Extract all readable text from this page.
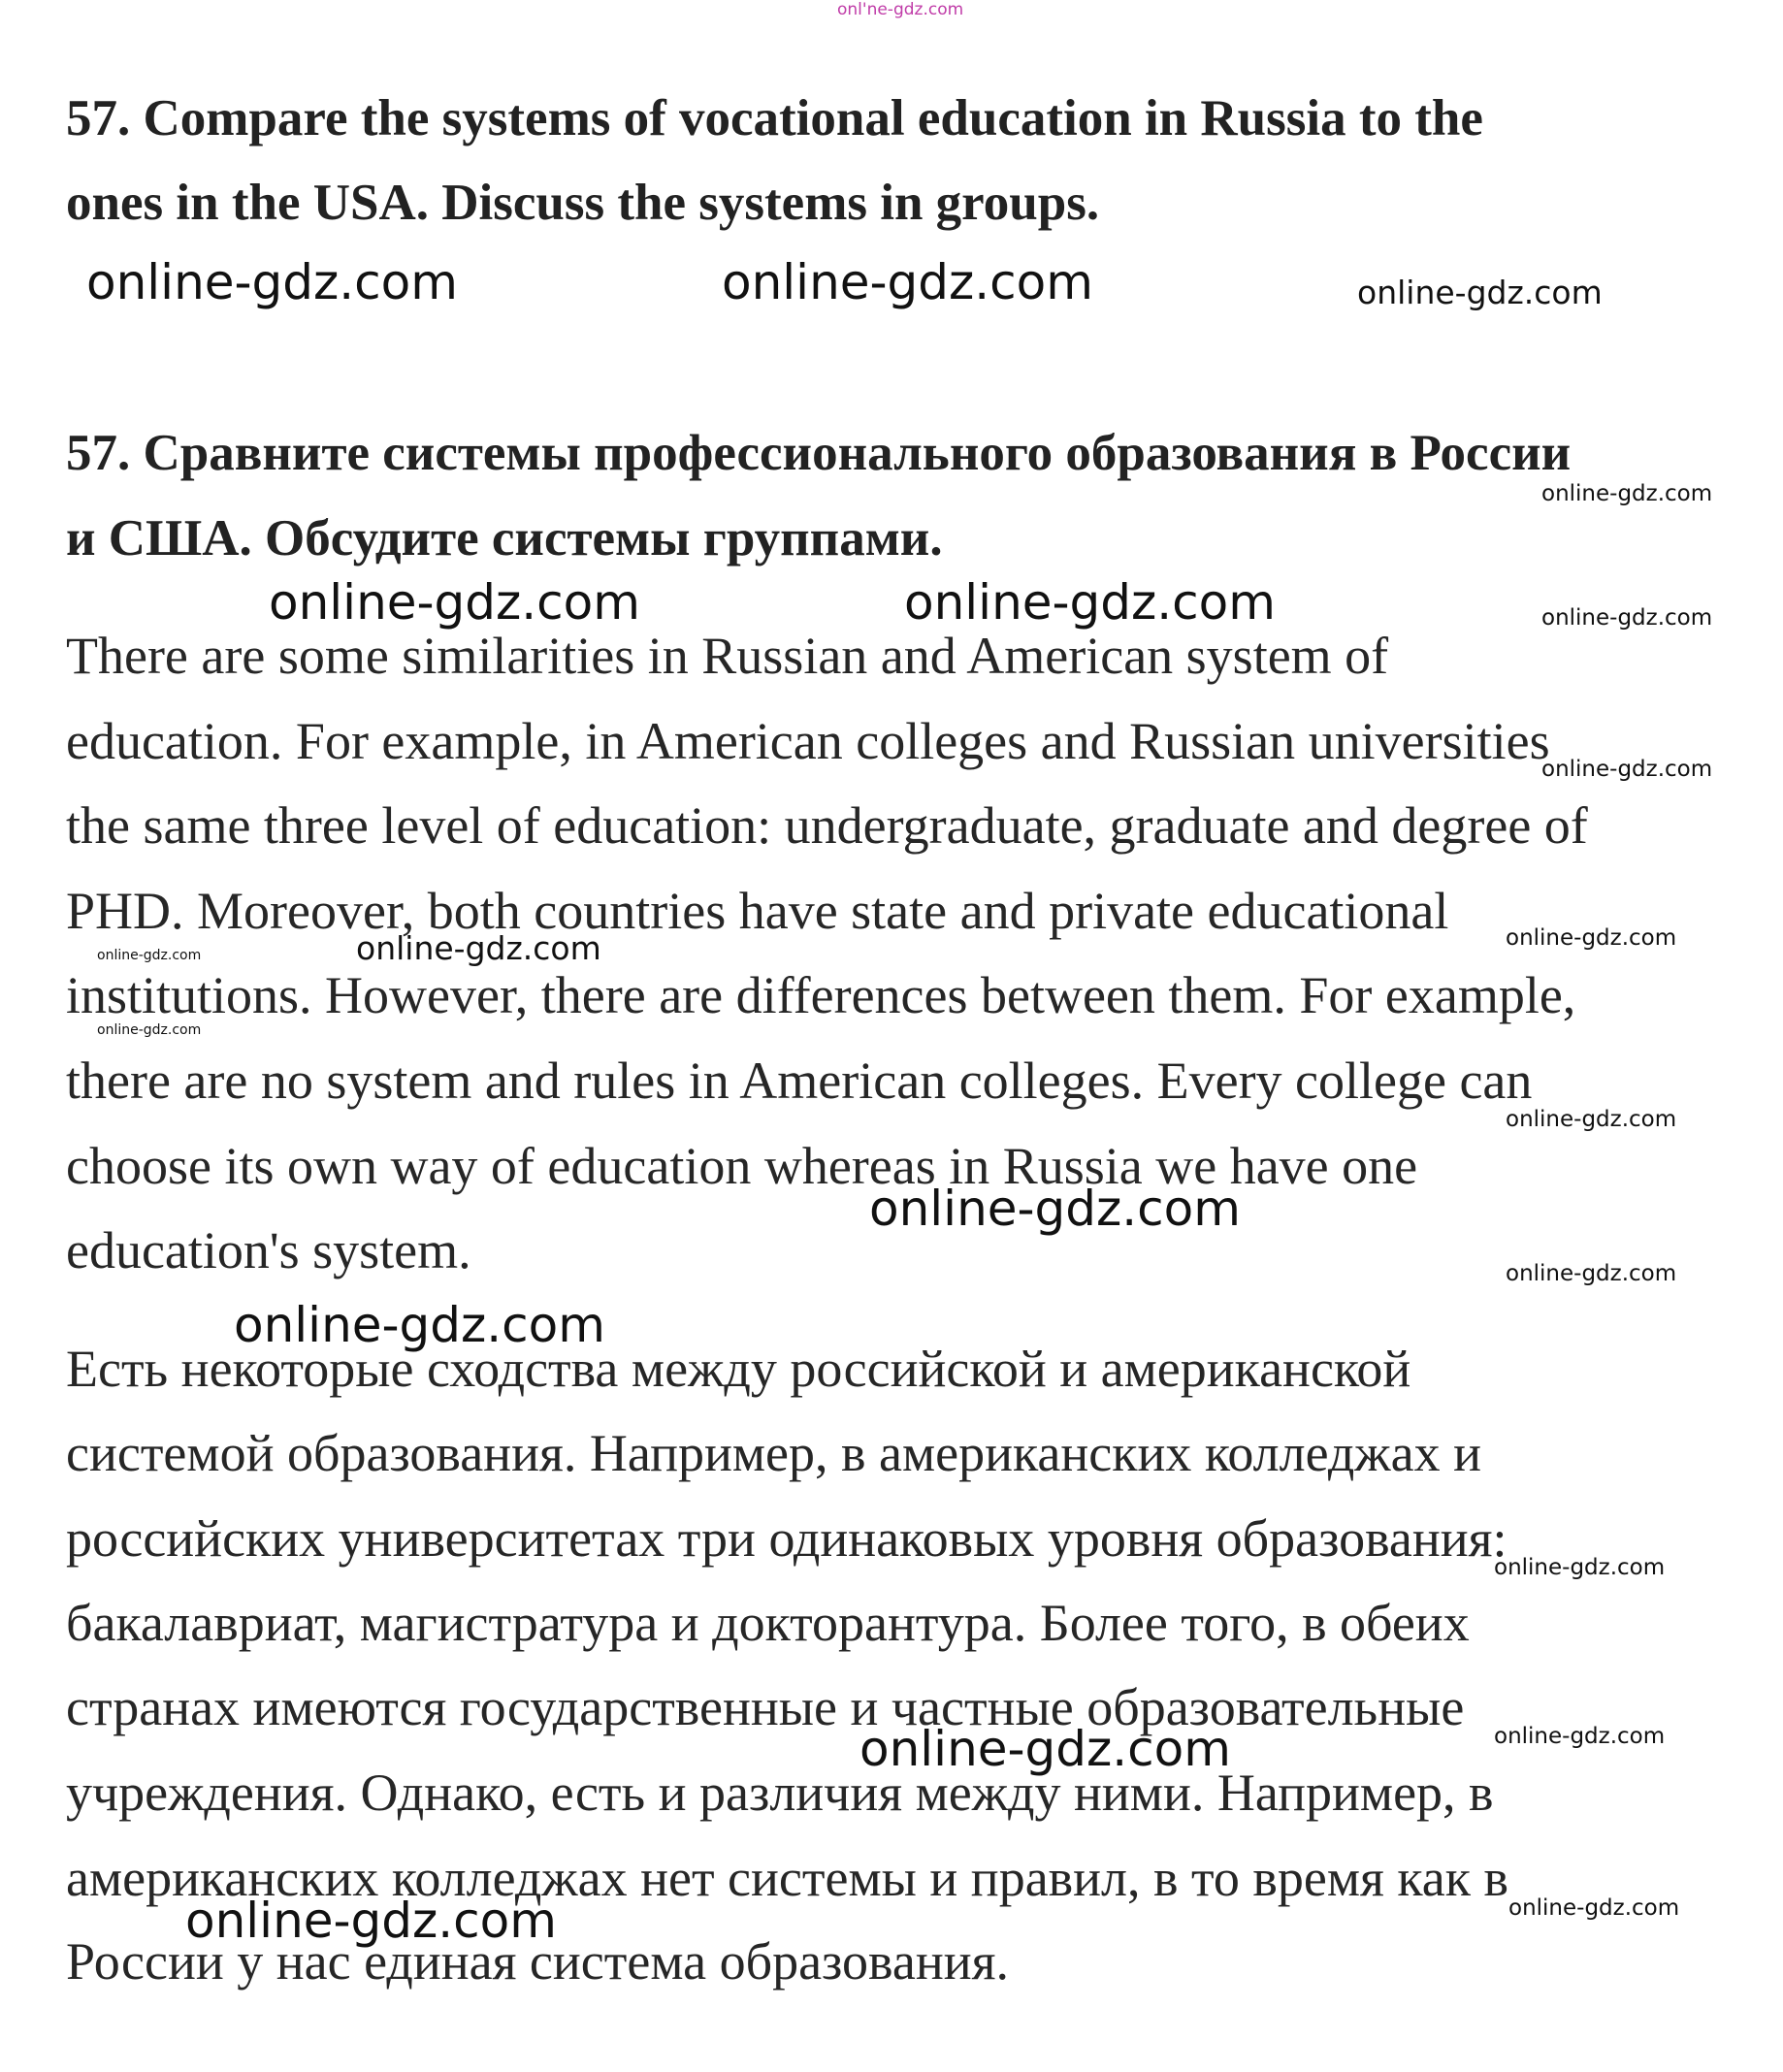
57. Compare the systems of vocational education in Russia to the
ones in the USA. Discuss the systems in groups.
57. Сравните системы профессионального образования в России
и США. Обсудите системы группами.
There are some similarities in Russian and American system of
education. For example, in American colleges and Russian universities
the same three level of education: undergraduate, graduate and degree of
PHD. Moreover, both countries have state and private educational
institutions. However, there are differences between them. For example,
there are no system and rules in American colleges. Every college can
choose its own way of education whereas in Russia we have one
education's system.
Есть некоторые сходства между российской и американской
системой образования. Например, в американских колледжах и
российских университетах три одинаковых уровня образования:
бакалавриат, магистратура и докторантура. Более того, в обеих
странах имеются государственные и частные образовательные
учреждения. Однако, есть и различия между ними. Например, в
американских колледжах нет системы и правил, в то время как в
России у нас единая система образования.
onl'ne-gdz.com
online-gdz.com	online-gdz.com	online-gdz.com
online-gdz.com
online-gdz.com	online-gdz.com	online-gdz.com
online-gdz.com
online-gdz.com	online-gdz.com	online-gdz.com
online-gdz.com
online-gdz.com
online-gdz.com
online-gdz.com
online-gdz.com
online-gdz.com
online-gdz.com
online-gdz.com
online-gdz.com
online-gdz.com
